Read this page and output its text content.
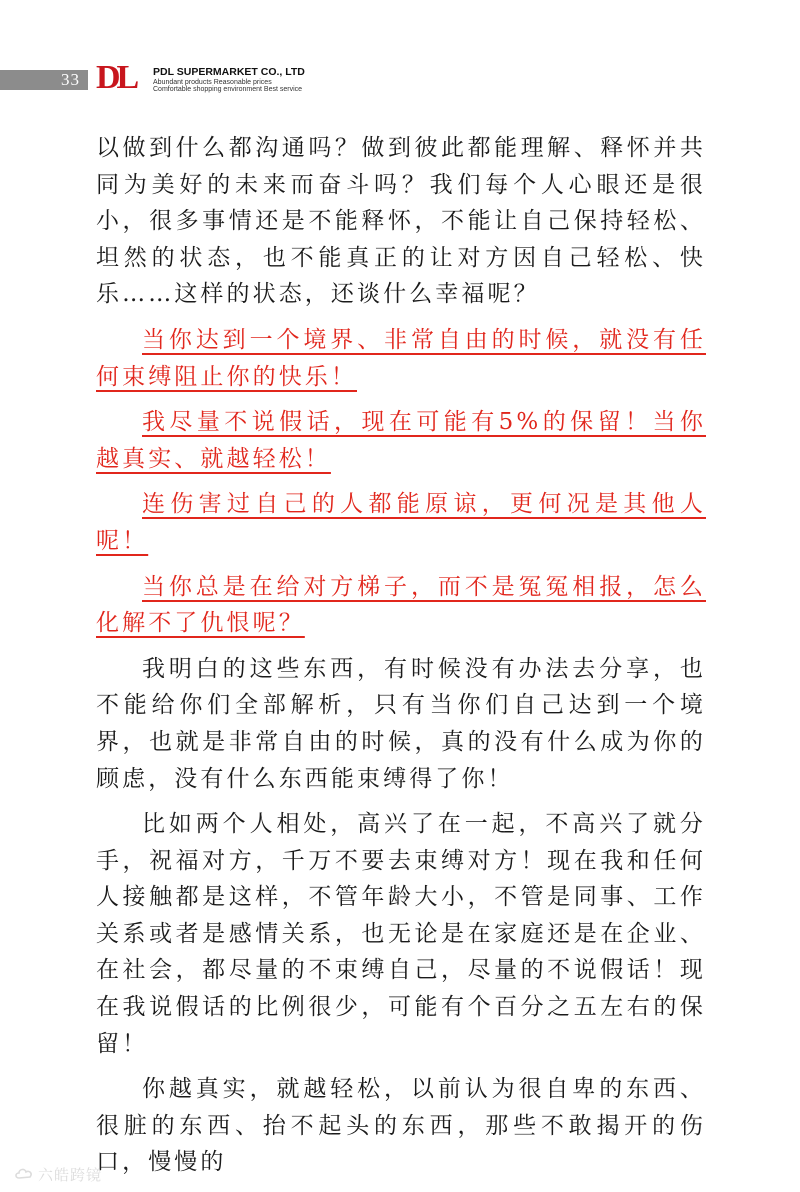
33 DL PDL SUPERMARKET CO., LTD
Abundant products Reasonable prices
Comfortable shopping environment Best service

以做到什么都沟通吗？做到彼此都能理解、释怀并共同为美好的未来而奋斗吗？我们每个人心眼还是很小，很多事情还是不能释怀，不能让自己保持轻松、坦然的状态，也不能真正的让对方因自己轻松、快乐……这样的状态，还谈什么幸福呢？

当你达到一个境界、非常自由的时候，就没有任何束缚阻止你的快乐！

我尽量不说假话，现在可能有5%的保留！当你越真实、就越轻松！

连伤害过自己的人都能原谅，更何况是其他人呢！

当你总是在给对方梯子，而不是冤冤相报，怎么化解不了仇恨呢？

我明白的这些东西，有时候没有办法去分享，也不能给你们全部解析，只有当你们自己达到一个境界，也就是非常自由的时候，真的没有什么成为你的顾虑，没有什么东西能束缚得了你！

比如两个人相处，高兴了在一起，不高兴了就分手，祝福对方，千万不要去束缚对方！现在我和任何人接触都是这样，不管年龄大小，不管是同事、工作关系或者是感情关系，也无论是在家庭还是在企业、在社会，都尽量的不束缚自己，尽量的不说假话！现在我说假话的比例很少，可能有个百分之五左右的保留！

你越真实，就越轻松，以前认为很自卑的东西、很脏的东西、抬不起头的东西，那些不敢揭开的伤口，慢慢的

六皓跨镜
